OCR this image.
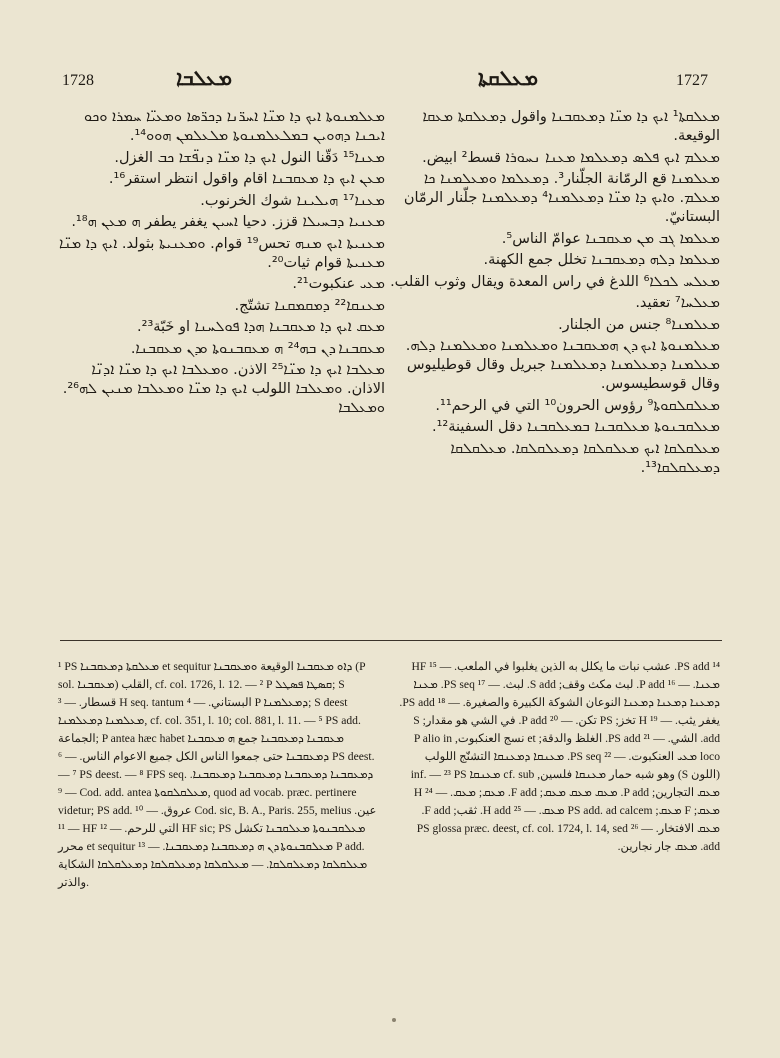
1728	ܡܥܠܒܐ	ܡܥܠܩܬܐ	1727
ܡܥܠܡܢܘܬܐ ܐܝܟ ܕܐ ܡܢ̈ܐ ܐܚܪ̈ܢܐ ܕܟܪ̈ܣܐ ܘܡܥܝ̈ܐ ܚܡܪܐ ܘܟܘ ܐܝܟܢܐ ܕܗܘܝܢ ܒܡܠܥܠܡܢܘܬܐ ܡܠܥܠܡܢ ܗܘܘ¹⁴.
ܡܥܢܐ¹⁵ دَقّنا النول ܐܝܟ ܕܐ ܡܢ̈ܐ ܕܢܦ̈ܫܐ ܟܒ الغزل.
ܡܥܢ ܐܝܟ ܕܐ ܡܥܩܒܢܐ اقام واقول انتظر استقر¹⁶.
ܡܥܢܐ¹⁷ ܗܝܠܝܢܐ شوك الخرنوب.
ܡܥܢܝܐ ܕܒܚܝܠܐ قزز. دحيا ܐܚܝܢ يغفر يطفر ܗ ܡܥܢ ܗ¹⁸.
ܡܥܢܝܬܐ ܐܝܟ ܡܢܗ تحس¹⁹ قوام. ܘܡܥܢܝܬܐ بثولد. ܐܝܟ ܕܐ ܡܢ̈ܐ ܡܥܢܝܬܐ قوام ثيات²⁰.
ܡܥܝ عنكبوت²¹.
ܡܥܢܩܐ²² ܕܡܩܡܩܢܐ تشتّج.
ܡܥܩ ܐܝܟ ܕܐ ܡܥܩܒܢܐ ܗܕܐ ܦܘܠܚܢܐ او خَبّة²³.
ܡܥܩܒܢܐ ܕܢ ܒܗ²⁴ ܗ ܡܥܩܒܢܘܬܐ ܘܕܢ ܡܥܩܒܢܐ.
ܡܥܠܒܐ ܐܝܟ ܕܐ ܡܢ̈ܐ²⁵ الاذن. ܘܡܥܠܒܐ ܐܝܟ ܕܐ ܡܢ̈ܐ ܐܕܢ̈ܐ الاذان. ܘܡܥܠܒܐ اللولب ܐܝܟ ܕܐ ܡܢ̈ܐ ܘܡܥܠܒܐ ܡܢܝܢ ܠܗ²⁶. ܘܡܥܠܒܐ
ܡܥܠܩܬܐ¹ ܐܝܟ ܕܐ ܡܢ̈ܐ ܕܡܥܩܒܢܐ واقول ܕܡܥܠܩܬܐ ܡܥܩܐ الوقيعة.
ܡܥܠܡ ܐܝܟ ܦܠܣ ܕܡܥܠܡܐ ܡܥܢܐ ܢܚܘܪܐ قسط² ابيض.
ܡܥܠܡܢܐ قع الرمّانة الجلّنار³. ܕܡܥܠܡܐ ܘܡܥܠܡܢܐ ܟܐ ܡܥܠܡ. ܘܐܝܟ ܕܐ ܡܢ̈ܐ ܕܡܥܠܡܢܐ⁴ ܕܡܥܠܡܢܐ جلّنار الرمّان البستانيّ.
ܡܥܠܡܐ ܓܒ ܡܢ ܡܥܩܒܢܐ عوامّ الناس⁵.
ܡܥܠܡܐ ܕܠܗ ܕܡܥܩܒܢܐ تخلل جمع الكهنة.
ܡܥܠܚ ܠܟܠܐ⁶ اللدغ في راس المعدة ويقال وثوب القلب.
ܡܥܠܚܐ⁷ تعقيد.
ܡܥܠܡܢܐ⁸ جنس من الجلنار.
ܡܥܠܡܢܘܬܐ ܐܝܟ ܕܢ ܗܡܥܩܒܢܐ ܘܡܥܠܡܢܐ ܘܡܥܠܡܢܐ ܕܠܗ. ܡܥܠܡܢܐ ܕܡܥܠܡܢܐ ܕܡܥܠܡܢܐ جبريل وقال قوطيليوس وقال قوسطيسوس.
ܡܥܠܩܠܩܘܬܐ⁹ رؤوس الحرون¹⁰ التي في الرحم¹¹.
ܡܥܠܩܒܢܘܬܐ ܡܥܠܩܒܢܐ ܒܡܥܠܩܒܢܐ دقل السفينة¹².
ܡܥܠܩܠܩܐ ܐܝܟ ܡܥܠܩܠܩܐ ܕܡܥܠܩܠܩܐ. ܡܥܠܩܠܩܐ ܕܡܥܠܩܠܩܐ¹³.

¹ PS ܡܥܠܩܬܐ ܕܡܥܩܒܢܐ et sequitur ܕܐܘ ܡܥܩܒܢܐ الوقيعة ܘܡܥܩܒܢܐ (P sol. ܡܥܩܒܢܐ) القلب, cf. col. 1726, l. 12. — ² P ܩܣܛܐ ܦܣܛܠ; S قسطار. — ³ H seq. tantum البستاني. — ⁴ P ܕܡܥܠܡܢܐ; S deest ܡܥܠܡܢܐ ܕܡܥܠܡܢܐ, cf. col. 351, l. 10; col. 881, l. 11. — ⁵ PS add. الجماعة; P antea hæc habet ܡܥܩܒܢܐ ܕܡܥܩܒܢܐ جمع ܗ ܡܥܩܒܢܐ ܕܡܥܩܒܢܐ حتى جمعوا الناس الكل جميع الاعوام الناس. — ⁶ PS deest. — ⁷ PS deest. — ⁸ FPS seq. ܕܡܥܩܒܢܐ ܕܡܥܩܒܢܐ ܕܡܥܩܒܢܐ ܕܡܥܩܒܢܐ. — ⁹ Cod. add. antea ܡܥܠܩܠܩܘܬܐ, quod ad vocab. præc. pertinere videtur; PS add. عروق. — ¹⁰ Cod. sic, B. A., Paris. 255, melius عين. — ¹¹ HF التي للرحم. — ¹² HF sic; PS ܡܥܠܩܒܢܘܬܐ ܡܥܠܩܒܢܐ تكشل محرر et sequitur ܡܥܠܩܒܢܘܬܐ ܕܢ ܗ ܕܡܥܩܒܢܐ ܕܡܥܩܒܢܐ. — ¹³ P add. ܡܥܠܩܠܩܐ ܕܡܥܠܩܠܩܐ. — ܡܥܠܩܠܩܐ ܕܡܥܠܩܠܩܐ ܕܡܥܠܩܠܩܐ الشكاية والذتر.

¹⁴ PS add. عشب نبات ما يكلل به الذين يغلبوا في الملعب. — ¹⁵ HF ܡܥܢܐ. — ¹⁶ P add. لبث مكث وقف; S add. لبث. — ¹⁷ PS seq. ܡܥܢܐ ܕܡܥܢܐ ܕܡܥܢܐ ܕܡܥܢܐ النوعان الشوكة الكبيرة والصغيرة. — ¹⁸ PS add. يغفر يثب. — ¹⁹ H تخز; PS تكن. — ²⁰ P add. في الشي هو مقدار; S add. الشي. — ²¹ PS add. الغلظ والدقة; et نسج العنكبوت, P alio in loco ܡܥܝ العنكبوت. — ²² PS seq. ܡܥܢܩܐ ܕܡܥܢܩܐ التشنّج اللولب (اللون S) وهو شبه حمار ܡܥܢܩܐ فلسين, cf. sub ܡܥܢܩܐ inf. — ²³ PS ܡܥܩ التجارين; P add. ܡܥܩ ܡܥܩ ܡܥܩ; F add. ܡܥܩ; ܡܥܩ. — ²⁴ H ܡܥܩ; F ܡܥܩ; PS add. ad calcem ܡܥܩ. — ²⁵ H add. ثقب; F add. ܡܥܩ الافتخار. — ²⁶ PS glossa præc. deest, cf. col. 1724, l. 14, sed add. ܡܥܩ جار نجارين.
